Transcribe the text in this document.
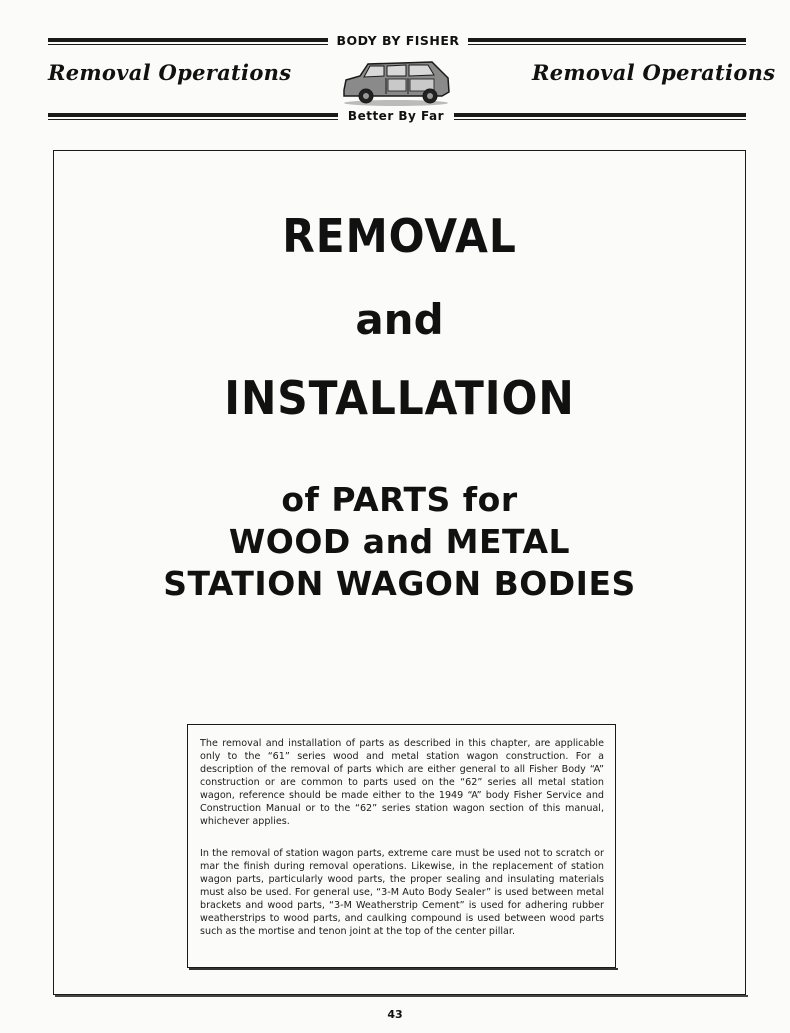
BODY BY FISHER
Better By Far
Removal Operations	Removal Operations
REMOVAL
and
INSTALLATION
of PARTS for
WOOD and METAL
STATION WAGON BODIES

The removal and installation of parts as described in this chapter, are applicable only to the “61” series wood and metal station wagon construction. For a description of the removal of parts which are either general to all Fisher Body “A” construction or are common to parts used on the “62” series all metal station wagon, reference should be made either to the 1949 “A” body Fisher Service and Construction Manual or to the “62” series station wagon section of this manual, whichever applies.

In the removal of station wagon parts, extreme care must be used not to scratch or mar the finish during removal operations. Likewise, in the replacement of station wagon parts, particularly wood parts, the proper sealing and insulating materials must also be used. For general use, “3-M Auto Body Sealer” is used between metal brackets and wood parts, “3-M Weatherstrip Cement” is used for adhering rubber weatherstrips to wood parts, and caulking compound is used between wood parts such as the mortise and tenon joint at the top of the center pillar.

43
